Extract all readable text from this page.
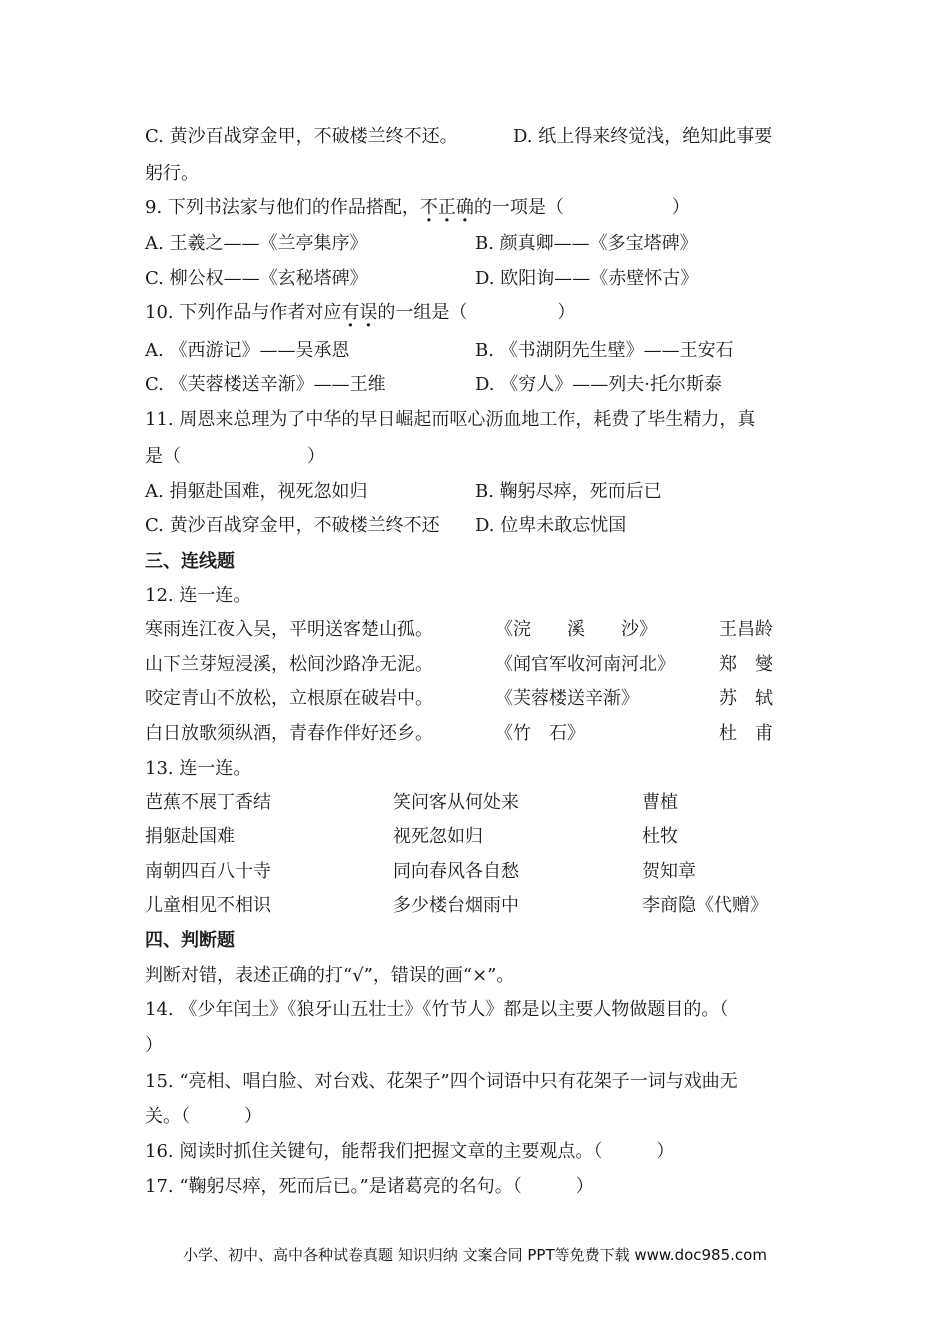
C. 黄沙百战穿金甲，不破楼兰终不还。	D. 纸上得来终觉浅，绝知此事要
躬行。
9. 下列书法家与他们的作品搭配，不正确的一项是（　　　　　　）
A. 王羲之——《兰亭集序》	B. 颜真卿——《多宝塔碑》
C. 柳公权——《玄秘塔碑》	D. 欧阳询——《赤壁怀古》
10. 下列作品与作者对应有误的一组是（　　　　　）
A. 《西游记》——吴承恩	B. 《书湖阴先生壁》——王安石
C. 《芙蓉楼送辛渐》——王维	D. 《穷人》——列夫·托尔斯泰
11. 周恩来总理为了中华的早日崛起而呕心沥血地工作，耗费了毕生精力，真
是（　　　　　　　）
A. 捐躯赴国难，视死忽如归	B. 鞠躬尽瘁，死而后已
C. 黄沙百战穿金甲，不破楼兰终不还 D. 位卑未敢忘忧国
三、连线题
12. 连一连。
寒雨连江夜入吴，平明送客楚山孤。	《浣　　溪　　沙》	王昌龄
山下兰芽短浸溪，松间沙路净无泥。	《闻官军收河南河北》 郑　燮
咬定青山不放松，立根原在破岩中。	《芙蓉楼送辛渐》	苏　轼
白日放歌须纵酒，青春作伴好还乡。	《竹　石》	杜　甫
13. 连一连。
芭蕉不展丁香结	笑问客从何处来	曹植
捐躯赴国难	视死忽如归	杜牧
南朝四百八十寺	同向春风各自愁	贺知章
儿童相见不相识	多少楼台烟雨中	李商隐《代赠》
四、判断题
判断对错，表述正确的打“√”，错误的画“×”。
14. 《少年闰土》《狼牙山五壮士》《竹节人》都是以主要人物做题目的。（
）
15. “亮相、唱白脸、对台戏、花架子”四个词语中只有花架子一词与戏曲无
关。（　　　）
16. 阅读时抓住关键句，能帮我们把握文章的主要观点。（　　　）
17. “鞠躬尽瘁，死而后已。”是诸葛亮的名句。（　　　）
小学、初中、高中各种试卷真题 知识归纳 文案合同 PPT等免费下载 www.doc985.com
